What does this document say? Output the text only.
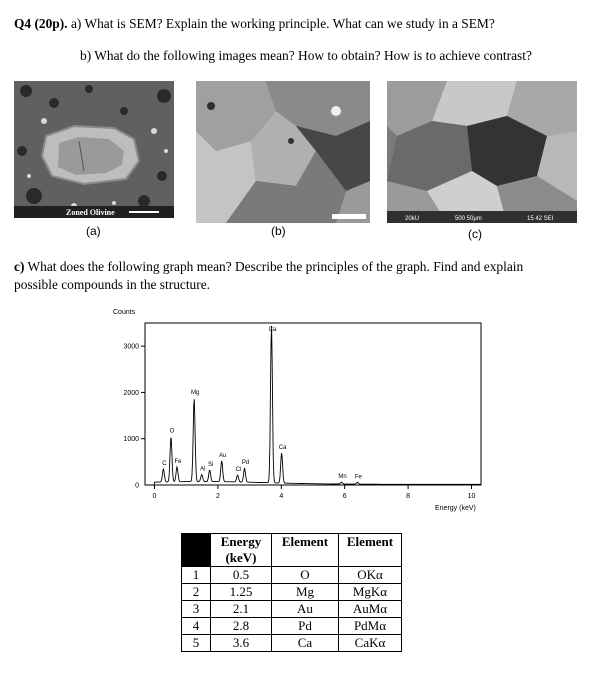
Q4 (20p). a) What is SEM? Explain the working principle. What can we study in a SEM?
b) What do the following images mean? How to obtain? How is to achieve contrast?
Zoned Olivine
(a)	(b)
20kU	500 50μm	15 42 SEI
(c)
c) What does the following graph mean? Describe the principles of the graph. Find and explain
possible compounds in the structure.
Counts
1000
2000
3000
0
0	2	4	6	8	10
C
O
Fe
Mg
Al
Si
Au
Pd
Cl
Ca
Ca
Mn Fe
Energy (keV)
	Energy (keV)	Element	Element
1	0.5	O	OKα
2	1.25	Mg	MgKα
3	2.1	Au	AuMα
4	2.8	Pd	PdMα
5	3.6	Ca	CaKα
